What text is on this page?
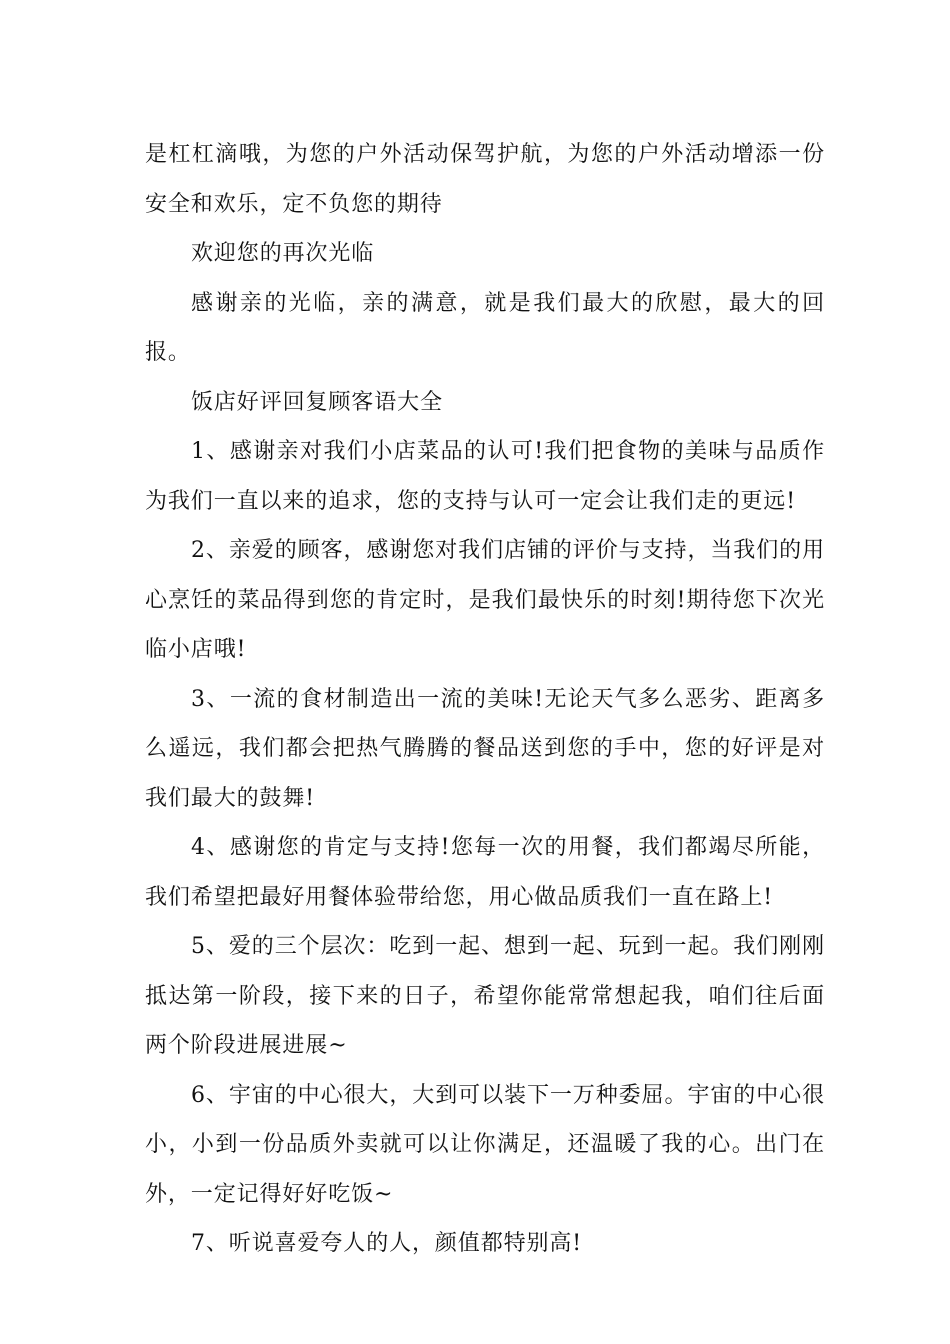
是杠杠滴哦，为您的户外活动保驾护航，为您的户外活动增添一份安全和欢乐，定不负您的期待

欢迎您的再次光临

感谢亲的光临，亲的满意，就是我们最大的欣慰，最大的回报。

饭店好评回复顾客语大全

1、感谢亲对我们小店菜品的认可!我们把食物的美味与品质作为我们一直以来的追求，您的支持与认可一定会让我们走的更远!

2、亲爱的顾客，感谢您对我们店铺的评价与支持，当我们的用心烹饪的菜品得到您的肯定时，是我们最快乐的时刻!期待您下次光临小店哦!

3、一流的食材制造出一流的美味!无论天气多么恶劣、距离多么遥远，我们都会把热气腾腾的餐品送到您的手中，您的好评是对我们最大的鼓舞!

4、感谢您的肯定与支持!您每一次的用餐，我们都竭尽所能，我们希望把最好用餐体验带给您，用心做品质我们一直在路上!

5、爱的三个层次：吃到一起、想到一起、玩到一起。我们刚刚抵达第一阶段，接下来的日子，希望你能常常想起我，咱们往后面两个阶段进展进展~

6、宇宙的中心很大，大到可以装下一万种委屈。宇宙的中心很小，小到一份品质外卖就可以让你满足，还温暖了我的心。出门在外，一定记得好好吃饭~

7、听说喜爱夸人的人，颜值都特别高!
